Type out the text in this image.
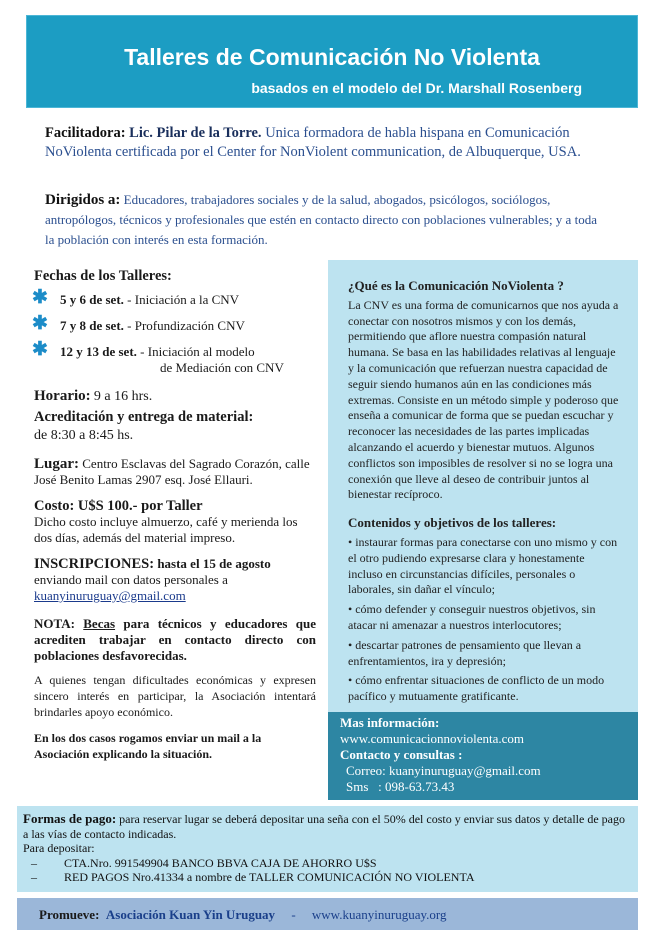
Talleres de Comunicación No Violenta
basados en el modelo del Dr. Marshall Rosenberg
Facilitadora: Lic. Pilar de la Torre. Unica formadora de habla hispana en Comunicación NoViolenta certificada por el Center for NonViolent communication, de Albuquerque, USA.
Dirigidos a: Educadores, trabajadores sociales y de la salud, abogados, psicólogos, sociólogos, antropólogos, técnicos y profesionales que estén en contacto directo con poblaciones vulnerables; y a toda la población con interés en esta formación.

Fechas de los Talleres:

✱ 5 y 6 de set. - Iniciación a la CNV
✱ 7 y 8 de set. - Profundización CNV
✱ 12 y 13 de set. - Iniciación al modelo
de Mediación con CNV

Horario: 9 a 16 hrs.

Acreditación y entrega de material:

de 8:30 a 8:45 hs.

Lugar: Centro Esclavas del Sagrado Corazón, calle José Benito Lamas 2907 esq. José Ellauri.

Costo: U$S 100.- por Taller

Dicho costo incluye almuerzo, café y merienda los dos días, además del material impreso.

INSCRIPCIONES: hasta el 15 de agosto

enviando mail con datos personales a

kuanyinuruguay@gmail.com

NOTA: Becas para técnicos y educadores que acrediten trabajar en contacto directo con poblaciones desfavorecidas.

A quienes tengan dificultades económicas y expresen sincero interés en participar, la Asociación intentará brindarles apoyo económico.

En los dos casos rogamos enviar un mail a la Asociación explicando la situación.

¿Qué es la Comunicación NoViolenta ?

La CNV es una forma de comunicarnos que nos ayuda a conectar con nosotros mismos y con los demás, permitiendo que aflore nuestra compasión natural humana. Se basa en las habilidades relativas al lenguaje y la comunicación que refuerzan nuestra capacidad de seguir siendo humanos aún en las condiciones más extremas. Consiste en un método simple y poderoso que enseña a comunicar de forma que se puedan escuchar y reconocer las necesidades de las partes implicadas alcanzando el acuerdo y bienestar mutuos. Algunos conflictos son imposibles de resolver si no se logra una conexión que lleve al deseo de contribuir juntos al bienestar recíproco.

Contenidos y objetivos de los talleres:

• instaurar formas para conectarse con uno mismo y con el otro pudiendo expresarse clara y honestamente incluso en circunstancias difíciles, personales o laborales, sin dañar el vínculo;

• cómo defender y conseguir nuestros objetivos, sin atacar ni amenazar a nuestros interlocutores;

• descartar patrones de pensamiento que llevan a enfrentamientos, ira y depresión;

• cómo enfrentar situaciones de conflicto de un modo pacífico y mutuamente gratificante.

Mas información:

www.comunicacionnoviolenta.com

Contacto y consultas :

Correo: kuanyinuruguay@gmail.com

Sms   : 098-63.73.43

Formas de pago: para reservar lugar se deberá depositar una seña con el 50% del costo y enviar sus datos y detalle de pago a las vías de contacto indicadas.

Para depositar:

–         CTA.Nro. 991549904 BANCO BBVA CAJA DE AHORRO U$S

–         RED PAGOS Nro.41334 a nombre de TALLER COMUNICACIÓN NO VIOLENTA

Promueve: Asociación Kuan Yin Uruguay - www.kuanyinuruguay.org
